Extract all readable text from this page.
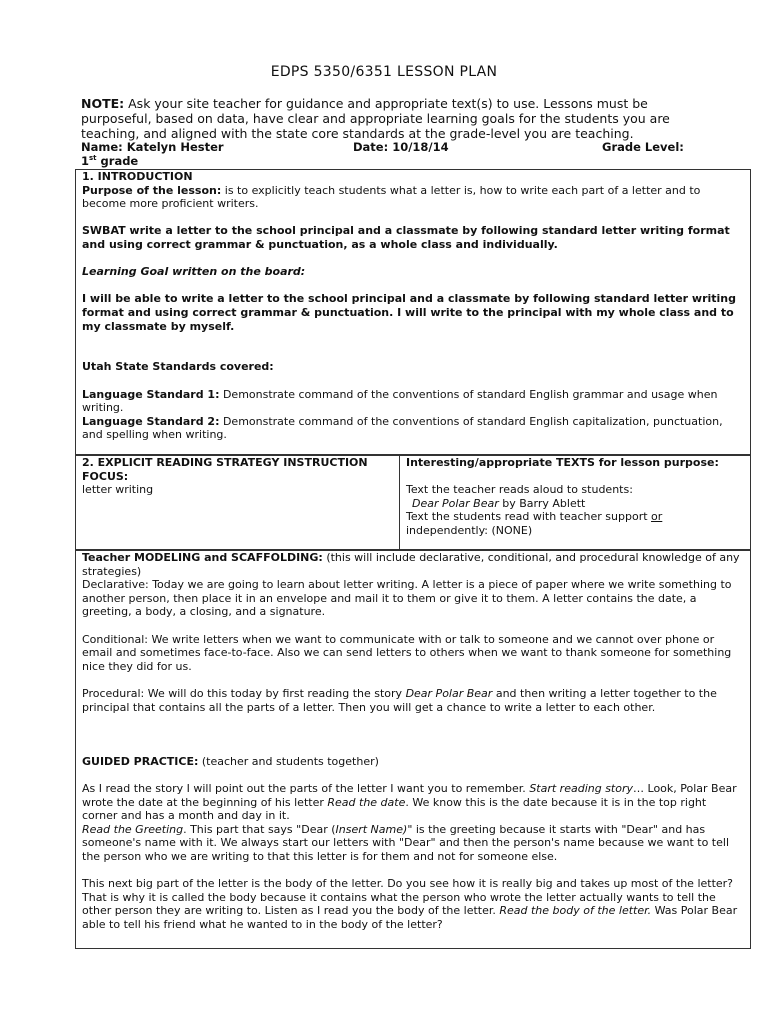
EDPS 5350/6351 LESSON PLAN
NOTE: Ask your site teacher for guidance and appropriate text(s) to use. Lessons must be purposeful, based on data, have clear and appropriate learning goals for the students you are teaching, and aligned with the state core standards at the grade-level you are teaching.
Name: Katelyn Hester	Date: 10/18/14	Grade Level:
1st grade

1. INTRODUCTION

Purpose of the lesson: is to explicitly teach students what a letter is, how to write each part of a letter and to become more proficient writers.

SWBAT write a letter to the school principal and a classmate by following standard letter writing format and using correct grammar & punctuation, as a whole class and individually.

Learning Goal written on the board:

I will be able to write a letter to the school principal and a classmate by following standard letter writing format and using correct grammar & punctuation. I will write to the principal with my whole class and to my classmate by myself.

Utah State Standards covered:

Language Standard 1: Demonstrate command of the conventions of standard English grammar and usage when writing.

Language Standard 2: Demonstrate command of the conventions of standard English capitalization, punctuation, and spelling when writing.

2. EXPLICIT READING STRATEGY INSTRUCTION FOCUS:

letter writing

Interesting/appropriate TEXTS for lesson purpose:

Text the teacher reads aloud to students:

Dear Polar Bear by Barry Ablett

Text the students read with teacher support or

independently: (NONE)

Teacher MODELING and SCAFFOLDING: (this will include declarative, conditional, and procedural knowledge of any strategies)

Declarative: Today we are going to learn about letter writing. A letter is a piece of paper where we write something to another person, then place it in an envelope and mail it to them or give it to them. A letter contains the date, a greeting, a body, a closing, and a signature.

Conditional: We write letters when we want to communicate with or talk to someone and we cannot over phone or email and sometimes face-to-face. Also we can send letters to others when we want to thank someone for something nice they did for us.

Procedural: We will do this today by first reading the story Dear Polar Bear and then writing a letter together to the principal that contains all the parts of a letter. Then you will get a chance to write a letter to each other.

GUIDED PRACTICE: (teacher and students together)

As I read the story I will point out the parts of the letter I want you to remember. Start reading story… Look, Polar Bear wrote the date at the beginning of his letter Read the date. We know this is the date because it is in the top right corner and has a month and day in it.

Read the Greeting. This part that says "Dear (Insert Name)" is the greeting because it starts with "Dear" and has someone's name with it. We always start our letters with "Dear" and then the person's name because we want to tell the person who we are writing to that this letter is for them and not for someone else.

This next big part of the letter is the body of the letter. Do you see how it is really big and takes up most of the letter? That is why it is called the body because it contains what the person who wrote the letter actually wants to tell the other person they are writing to. Listen as I read you the body of the letter. Read the body of the letter. Was Polar Bear able to tell his friend what he wanted to in the body of the letter?
